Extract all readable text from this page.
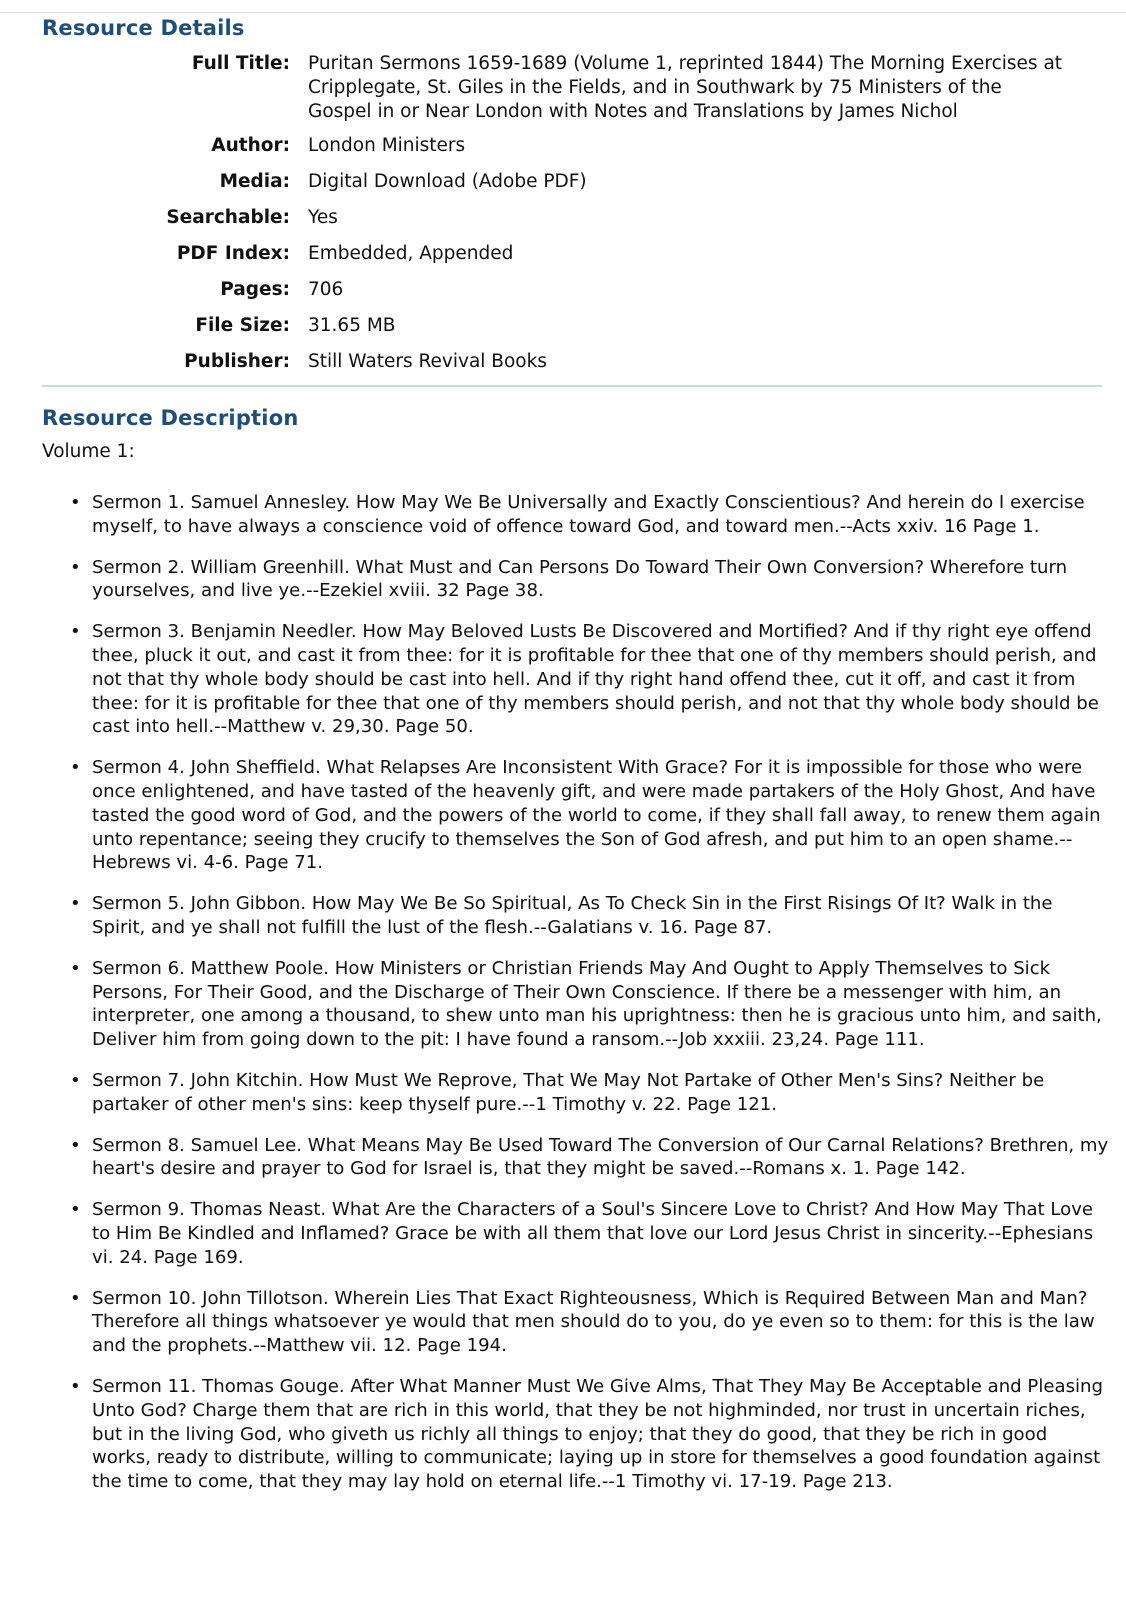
Resource Details
Full Title: Puritan Sermons 1659-1689 (Volume 1, reprinted 1844) The Morning Exercises at Cripplegate, St. Giles in the Fields, and in Southwark by 75 Ministers of the Gospel in or Near London with Notes and Translations by James Nichol
Author: London Ministers
Media: Digital Download (Adobe PDF)
Searchable: Yes
PDF Index: Embedded, Appended
Pages: 706
File Size: 31.65 MB
Publisher: Still Waters Revival Books
Resource Description
Volume 1:
• Sermon 1. Samuel Annesley. How May We Be Universally and Exactly Conscientious? And herein do I exercise myself, to have always a conscience void of offence toward God, and toward men.--Acts xxiv. 16 Page 1.
• Sermon 2. William Greenhill. What Must and Can Persons Do Toward Their Own Conversion? Wherefore turn yourselves, and live ye.--Ezekiel xviii. 32 Page 38.
• Sermon 3. Benjamin Needler. How May Beloved Lusts Be Discovered and Mortified? And if thy right eye offend thee, pluck it out, and cast it from thee: for it is profitable for thee that one of thy members should perish, and not that thy whole body should be cast into hell. And if thy right hand offend thee, cut it off, and cast it from thee: for it is profitable for thee that one of thy members should perish, and not that thy whole body should be cast into hell.--Matthew v. 29,30. Page 50.
• Sermon 4. John Sheffield. What Relapses Are Inconsistent With Grace? For it is impossible for those who were once enlightened, and have tasted of the heavenly gift, and were made partakers of the Holy Ghost, And have tasted the good word of God, and the powers of the world to come, if they shall fall away, to renew them again unto repentance; seeing they crucify to themselves the Son of God afresh, and put him to an open shame.--Hebrews vi. 4-6. Page 71.
• Sermon 5. John Gibbon. How May We Be So Spiritual, As To Check Sin in the First Risings Of It? Walk in the Spirit, and ye shall not fulfill the lust of the flesh.--Galatians v. 16. Page 87.
• Sermon 6. Matthew Poole. How Ministers or Christian Friends May And Ought to Apply Themselves to Sick Persons, For Their Good, and the Discharge of Their Own Conscience. If there be a messenger with him, an interpreter, one among a thousand, to shew unto man his uprightness: then he is gracious unto him, and saith, Deliver him from going down to the pit: I have found a ransom.--Job xxxiii. 23,24. Page 111.
• Sermon 7. John Kitchin. How Must We Reprove, That We May Not Partake of Other Men's Sins? Neither be partaker of other men's sins: keep thyself pure.--1 Timothy v. 22. Page 121.
• Sermon 8. Samuel Lee. What Means May Be Used Toward The Conversion of Our Carnal Relations? Brethren, my heart's desire and prayer to God for Israel is, that they might be saved.--Romans x. 1. Page 142.
• Sermon 9. Thomas Neast. What Are the Characters of a Soul's Sincere Love to Christ? And How May That Love to Him Be Kindled and Inflamed? Grace be with all them that love our Lord Jesus Christ in sincerity.--Ephesians vi. 24. Page 169.
• Sermon 10. John Tillotson. Wherein Lies That Exact Righteousness, Which is Required Between Man and Man? Therefore all things whatsoever ye would that men should do to you, do ye even so to them: for this is the law and the prophets.--Matthew vii. 12. Page 194.
• Sermon 11. Thomas Gouge. After What Manner Must We Give Alms, That They May Be Acceptable and Pleasing Unto God? Charge them that are rich in this world, that they be not highminded, nor trust in uncertain riches, but in the living God, who giveth us richly all things to enjoy; that they do good, that they be rich in good works, ready to distribute, willing to communicate; laying up in store for themselves a good foundation against the time to come, that they may lay hold on eternal life.--1 Timothy vi. 17-19. Page 213.
